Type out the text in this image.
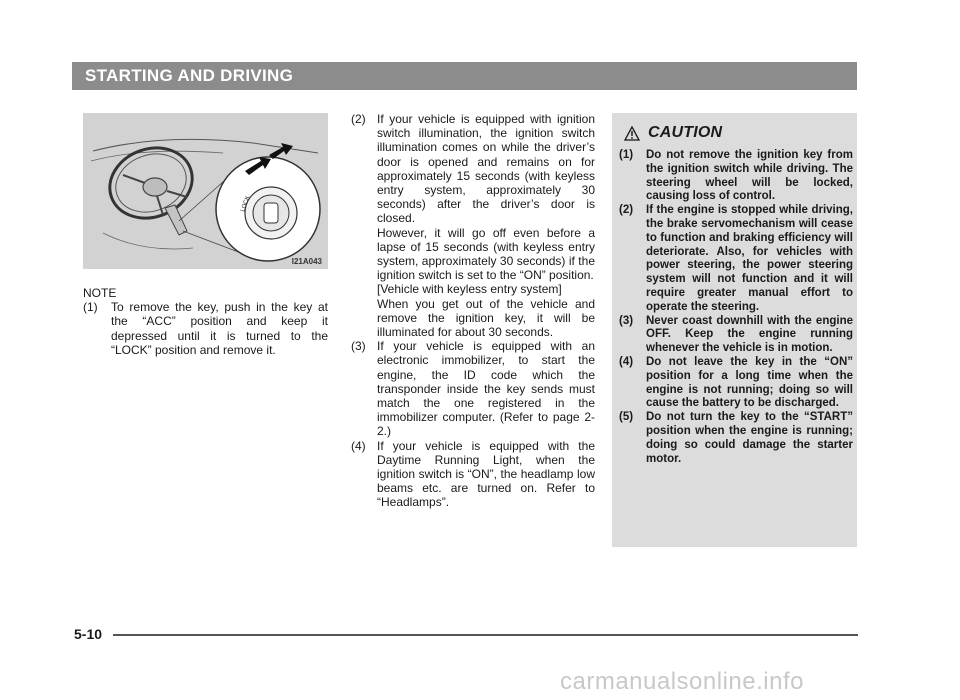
STARTING AND DRIVING
LOCK
I21A043

NOTE

(1)	To remove the key, push in the key at the “ACC” position and keep it depressed until it is turned to the “LOCK” position and remove it.
(2) If your vehicle is equipped with ignition switch illumination, the ignition switch illumination comes on while the driver’s door is opened and remains on for approximately 15 seconds (with keyless entry system, approximately 30 seconds) after the driver’s door is closed.
However, it will go off even before a lapse of 15 seconds (with keyless entry system, approximately 30 seconds) if the ignition switch is set to the “ON” position.
[Vehicle with keyless entry system]
When you get out of the vehicle and remove the ignition key, it will be illuminated for about 30 seconds.
(3) If your vehicle is equipped with an electronic immobilizer, to start the engine, the ID code which the transponder inside the key sends must match the one registered in the immobilizer computer. (Refer to page 2-2.)
(4) If your vehicle is equipped with the Daytime Running Light, when the ignition switch is “ON”, the headlamp low beams etc. are turned on. Refer to “Headlamps”.
CAUTION
(1)	Do not remove the ignition key from the ignition switch while driving. The steering wheel will be locked, causing loss of control.
(2)	If the engine is stopped while driving, the brake servomechanism will cease to function and braking efficiency will deteriorate. Also, for vehicles with power steering, the power steering system will not function and it will require greater manual effort to operate the steering.
(3)	Never coast downhill with the engine OFF. Keep the engine running whenever the vehicle is in motion.
(4)	Do not leave the key in the “ON” position for a long time when the engine is not running; doing so will cause the battery to be discharged.
(5)	Do not turn the key to the “START” position when the engine is running; doing so could damage the starter motor.
5-10
carmanualsonline.info
